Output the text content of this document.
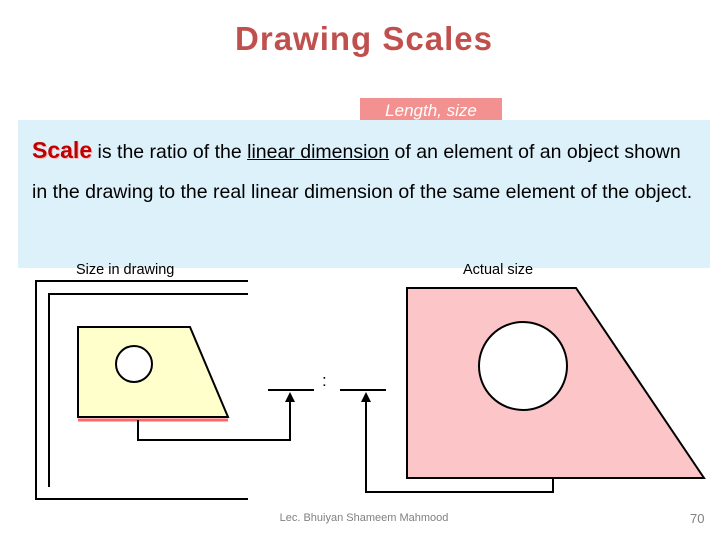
Drawing Scales
Length, size
Scale is the ratio of the linear dimension of an element of an object shown in the drawing to the real linear dimension of the same element of the object.
Size in drawing	Actual size
:
Lec. Bhuiyan Shameem Mahmood	70
